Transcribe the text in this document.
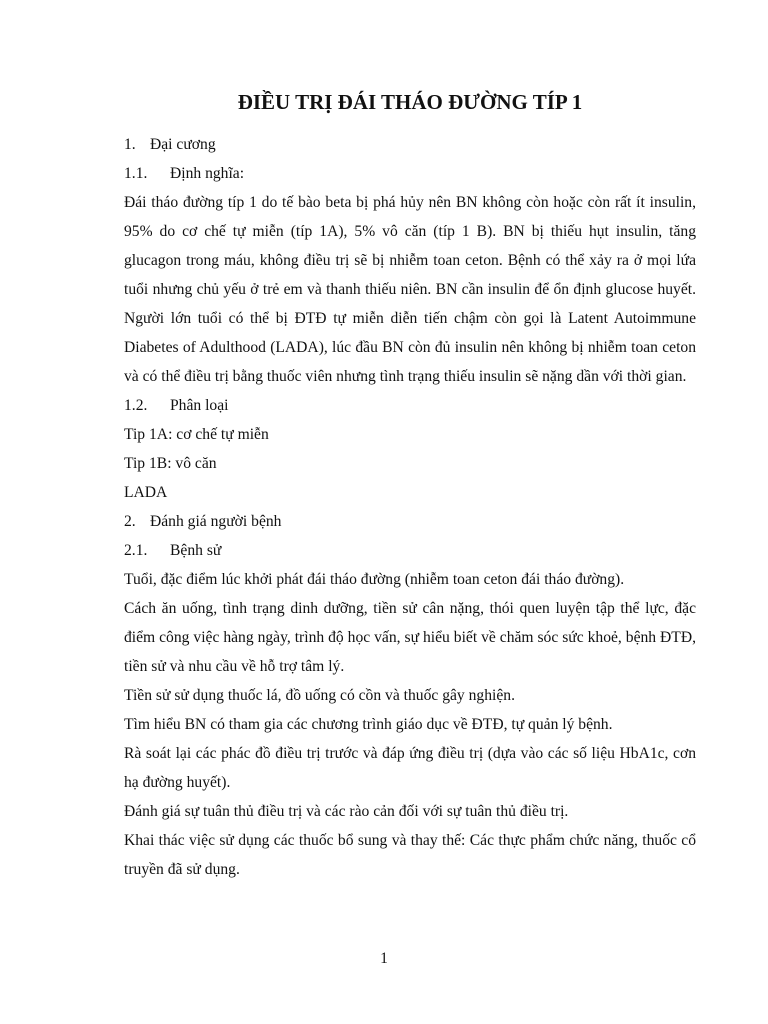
ĐIỀU TRỊ ĐÁI THÁO ĐƯỜNG TÍP 1

1. Đại cương

1.1. Định nghĩa:

Đái tháo đường típ 1 do tế bào beta bị phá hủy nên BN không còn hoặc còn rất ít insulin, 95% do cơ chế tự miễn (típ 1A), 5% vô căn (típ 1 B). BN bị thiếu hụt insulin, tăng glucagon trong máu, không điều trị sẽ bị nhiễm toan ceton. Bệnh có thể xảy ra ở mọi lứa tuổi nhưng chủ yếu ở trẻ em và thanh thiếu niên. BN cần insulin để ổn định glucose huyết. Người lớn tuổi có thể bị ĐTĐ tự miễn diễn tiến chậm còn gọi là Latent Autoimmune Diabetes of Adulthood (LADA), lúc đầu BN còn đủ insulin nên không bị nhiễm toan ceton và có thể điều trị bằng thuốc viên nhưng tình trạng thiếu insulin sẽ nặng dần với thời gian.

1.2. Phân loại

Tip 1A: cơ chế tự miễn

Tip 1B: vô căn

LADA

2. Đánh giá người bệnh

2.1. Bệnh sử

Tuổi, đặc điểm lúc khởi phát đái tháo đường (nhiễm toan ceton đái tháo đường).

Cách ăn uống, tình trạng dinh dưỡng, tiền sử cân nặng, thói quen luyện tập thể lực, đặc điểm công việc hàng ngày, trình độ học vấn, sự hiểu biết về chăm sóc sức khoẻ, bệnh ĐTĐ, tiền sử và nhu cầu về hỗ trợ tâm lý.

Tiền sử sử dụng thuốc lá, đồ uống có cồn và thuốc gây nghiện.

Tìm hiểu BN có tham gia các chương trình giáo dục về ĐTĐ, tự quản lý bệnh.

Rà soát lại các phác đồ điều trị trước và đáp ứng điều trị (dựa vào các số liệu HbA1c, cơn hạ đường huyết).

Đánh giá sự tuân thủ điều trị và các rào cản đối với sự tuân thủ điều trị.

Khai thác việc sử dụng các thuốc bổ sung và thay thế: Các thực phẩm chức năng, thuốc cổ truyền đã sử dụng.

1
